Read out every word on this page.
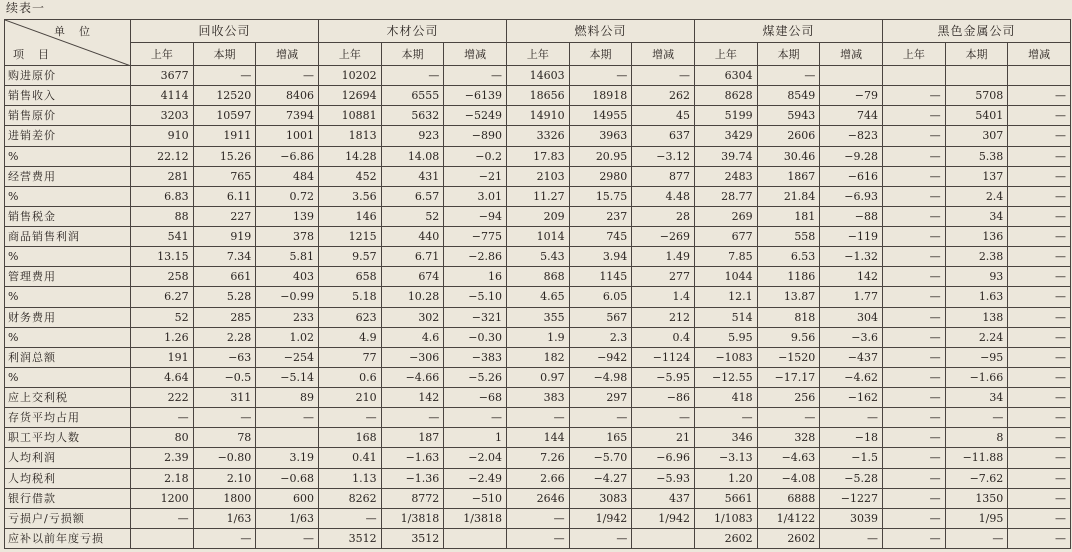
续表一
单位
项目	回收公司			木材公司			燃料公司			煤建公司			黑色金属公司		
	上年	本期	增减	上年	本期	增减	上年	本期	增减	上年	本期	增减	上年	本期	增减
购进原价	3677	—	—	10202	—	—	14603	—	—	6304	—				
销售收入	4114	12520	8406	12694	6555	−6139	18656	18918	262	8628	8549	−79	—	5708	—
销售原价	3203	10597	7394	10881	5632	−5249	14910	14955	45	5199	5943	744	—	5401	—
进销差价	910	1911	1001	1813	923	−890	3326	3963	637	3429	2606	−823	—	307	—
%	22.12	15.26	−6.86	14.28	14.08	−0.2	17.83	20.95	−3.12	39.74	30.46	−9.28	—	5.38	—
经营费用	281	765	484	452	431	−21	2103	2980	877	2483	1867	−616	—	137	—
%	6.83	6.11	0.72	3.56	6.57	3.01	11.27	15.75	4.48	28.77	21.84	−6.93	—	2.4	—
销售税金	88	227	139	146	52	−94	209	237	28	269	181	−88	—	34	—
商品销售利润	541	919	378	1215	440	−775	1014	745	−269	677	558	−119	—	136	—
%	13.15	7.34	5.81	9.57	6.71	−2.86	5.43	3.94	1.49	7.85	6.53	−1.32	—	2.38	—
管理费用	258	661	403	658	674	16	868	1145	277	1044	1186	142	—	93	—
%	6.27	5.28	−0.99	5.18	10.28	−5.10	4.65	6.05	1.4	12.1	13.87	1.77	—	1.63	—
财务费用	52	285	233	623	302	−321	355	567	212	514	818	304	—	138	—
%	1.26	2.28	1.02	4.9	4.6	−0.30	1.9	2.3	0.4	5.95	9.56	−3.6	—	2.24	—
利润总额	191	−63	−254	77	−306	−383	182	−942	−1124	−1083	−1520	−437	—	−95	—
%	4.64	−0.5	−5.14	0.6	−4.66	−5.26	0.97	−4.98	−5.95	−12.55	−17.17	−4.62	—	−1.66	—
应上交利税	222	311	89	210	142	−68	383	297	−86	418	256	−162	—	34	—
存货平均占用	—	—	—	—	—	—	—	—	—	—	—	—	—	—	—
职工平均人数	80	78		168	187	1	144	165	21	346	328	−18	—	8	—
人均利润	2.39	−0.80	3.19	0.41	−1.63	−2.04	7.26	−5.70	−6.96	−3.13	−4.63	−1.5	—	−11.88	—
人均税利	2.18	2.10	−0.68	1.13	−1.36	−2.49	2.66	−4.27	−5.93	1.20	−4.08	−5.28	—	−7.62	—
银行借款	1200	1800	600	8262	8772	−510	2646	3083	437	5661	6888	−1227	—	1350	—
亏损户/亏损额	—	1/63	1/63	—	1/3818	1/3818	—	1/942	1/942	1/1083	1/4122	3039	—	1/95	—
应补以前年度亏损		—	—	3512	3512		—	—		2602	2602	—	—	—	—
